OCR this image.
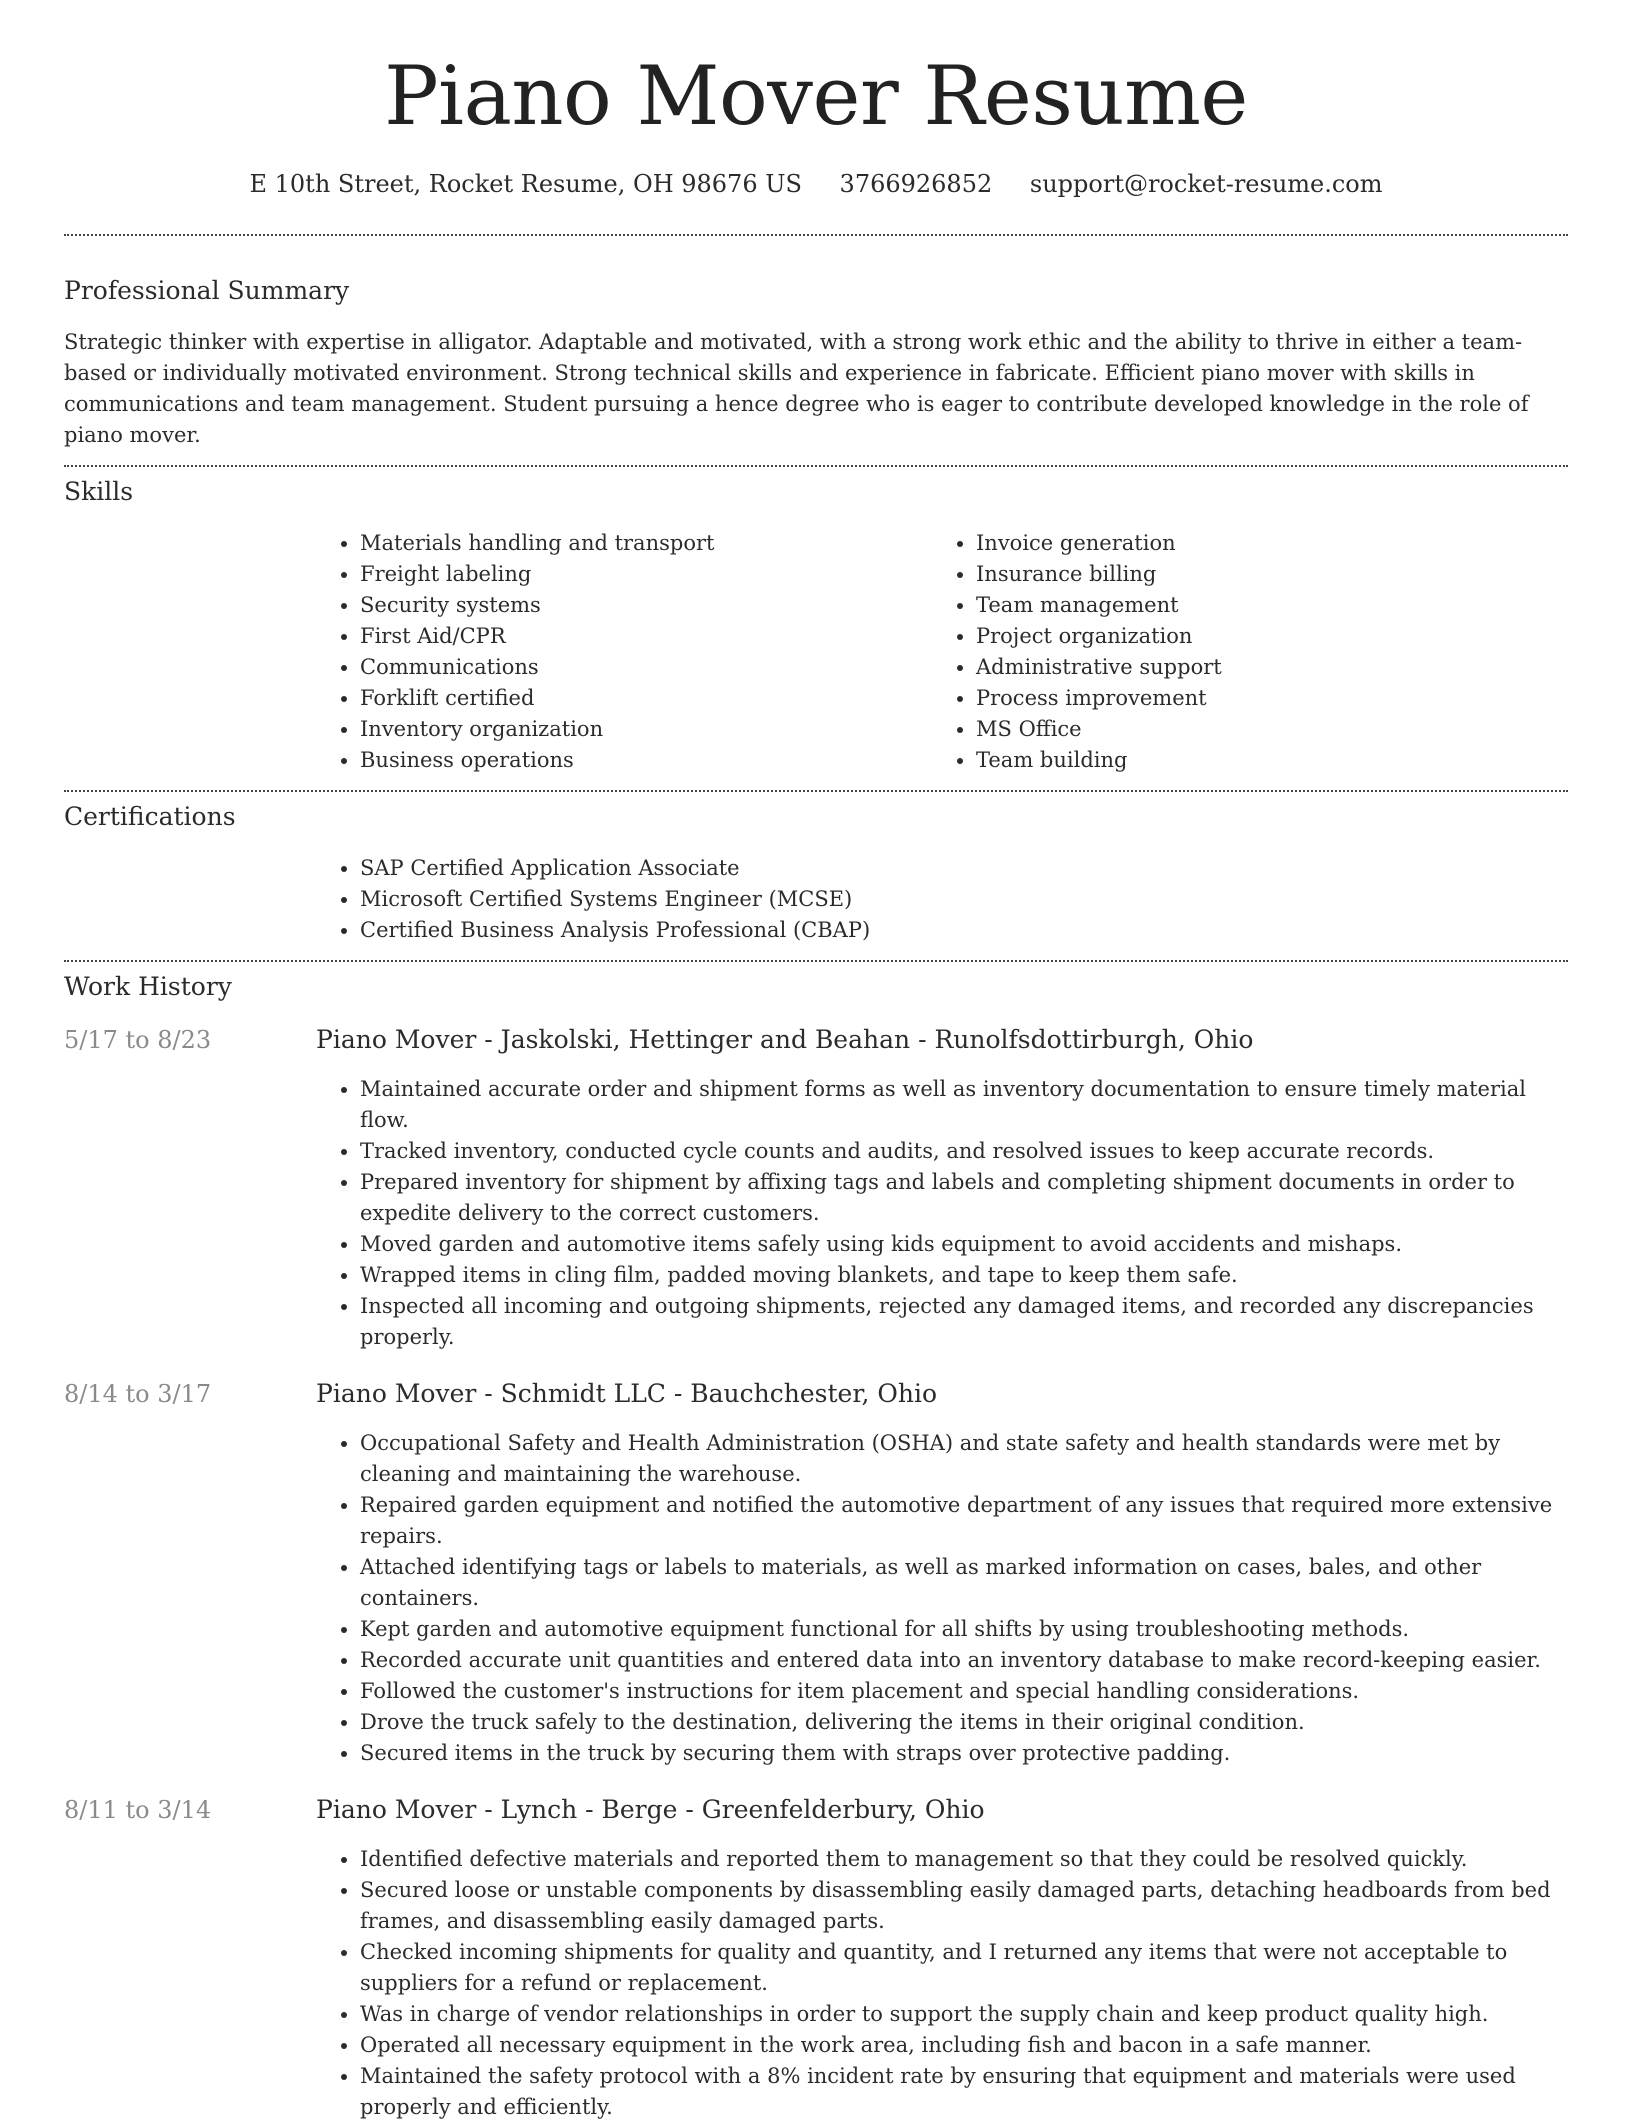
Piano Mover Resume
E 10th Street, Rocket Resume, OH 98676 US 3766926852 support@rocket-resume.com
Professional Summary

Strategic thinker with expertise in alligator. Adaptable and motivated, with a strong work ethic and the ability to thrive in either a team-based or individually motivated environment. Strong technical skills and experience in fabricate. Efficient piano mover with skills in communications and team management. Student pursuing a hence degree who is eager to contribute developed knowledge in the role of piano mover.

Skills
• Materials handling and transport
• Freight labeling
• Security systems
• First Aid/CPR
• Communications
• Forklift certified
• Inventory organization
• Business operations
• Invoice generation
• Insurance billing
• Team management
• Project organization
• Administrative support
• Process improvement
• MS Office
• Team building
Certifications
• SAP Certified Application Associate
• Microsoft Certified Systems Engineer (MCSE)
• Certified Business Analysis Professional (CBAP)
Work History
5/17 to 8/23	Piano Mover - Jaskolski, Hettinger and Beahan - Runolfsdottirburgh, Ohio
• Maintained accurate order and shipment forms as well as inventory documentation to ensure timely material flow.
• Tracked inventory, conducted cycle counts and audits, and resolved issues to keep accurate records.
• Prepared inventory for shipment by affixing tags and labels and completing shipment documents in order to expedite delivery to the correct customers.
• Moved garden and automotive items safely using kids equipment to avoid accidents and mishaps.
• Wrapped items in cling film, padded moving blankets, and tape to keep them safe.
• Inspected all incoming and outgoing shipments, rejected any damaged items, and recorded any discrepancies properly.
8/14 to 3/17	Piano Mover - Schmidt LLC - Bauchchester, Ohio
• Occupational Safety and Health Administration (OSHA) and state safety and health standards were met by cleaning and maintaining the warehouse.
• Repaired garden equipment and notified the automotive department of any issues that required more extensive repairs.
• Attached identifying tags or labels to materials, as well as marked information on cases, bales, and other containers.
• Kept garden and automotive equipment functional for all shifts by using troubleshooting methods.
• Recorded accurate unit quantities and entered data into an inventory database to make record-keeping easier.
• Followed the customer's instructions for item placement and special handling considerations.
• Drove the truck safely to the destination, delivering the items in their original condition.
• Secured items in the truck by securing them with straps over protective padding.
8/11 to 3/14	Piano Mover - Lynch - Berge - Greenfelderbury, Ohio
• Identified defective materials and reported them to management so that they could be resolved quickly.
• Secured loose or unstable components by disassembling easily damaged parts, detaching headboards from bed frames, and disassembling easily damaged parts.
• Checked incoming shipments for quality and quantity, and I returned any items that were not acceptable to suppliers for a refund or replacement.
• Was in charge of vendor relationships in order to support the supply chain and keep product quality high.
• Operated all necessary equipment in the work area, including fish and bacon in a safe manner.
• Maintained the safety protocol with a 8% incident rate by ensuring that equipment and materials were used properly and efficiently.
